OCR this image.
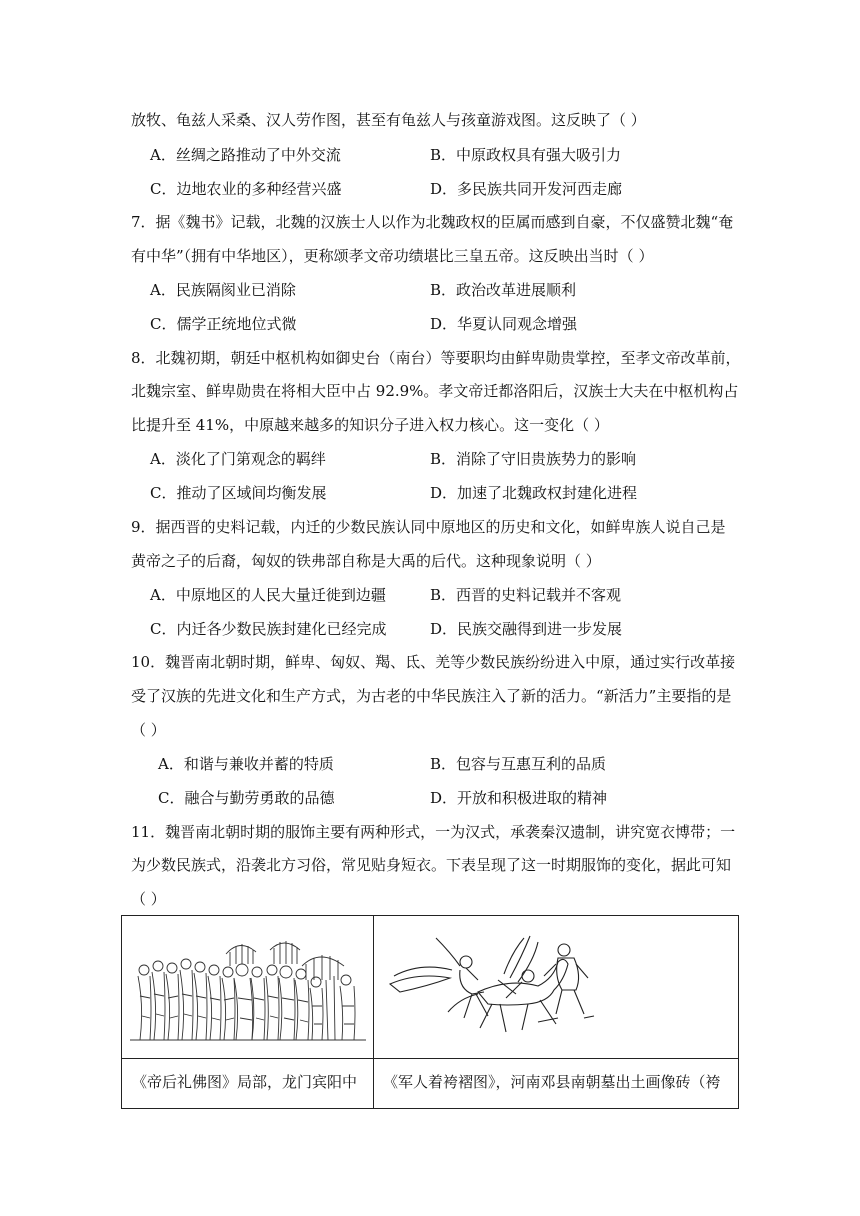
放牧、龟兹人采桑、汉人劳作图，甚至有龟兹人与孩童游戏图。这反映了（ ）
A．丝绸之路推动了中外交流	B．中原政权具有强大吸引力
C．边地农业的多种经营兴盛	D．多民族共同开发河西走廊
7．据《魏书》记载，北魏的汉族士人以作为北魏政权的臣属而感到自豪，不仅盛赞北魏“奄
有中华”（拥有中华地区），更称颂孝文帝功绩堪比三皇五帝。这反映出当时（ ）
A．民族隔阂业已消除	B．政治改革进展顺利
C．儒学正统地位式微	D．华夏认同观念增强
8．北魏初期，朝廷中枢机构如御史台（南台）等要职均由鲜卑勋贵掌控，至孝文帝改革前，
北魏宗室、鲜卑勋贵在将相大臣中占 92.9%。孝文帝迁都洛阳后，汉族士大夫在中枢机构占
比提升至 41%，中原越来越多的知识分子进入权力核心。这一变化（ ）
A．淡化了门第观念的羁绊	B．消除了守旧贵族势力的影响
C．推动了区域间均衡发展	D．加速了北魏政权封建化进程
9．据西晋的史料记载，内迁的少数民族认同中原地区的历史和文化，如鲜卑族人说自己是
黄帝之子的后裔，匈奴的铁弗部自称是大禹的后代。这种现象说明（ ）
A．中原地区的人民大量迁徙到边疆	B．西晋的史料记载并不客观
C．内迁各少数民族封建化已经完成	D．民族交融得到进一步发展
10．魏晋南北朝时期，鲜卑、匈奴、羯、氐、羌等少数民族纷纷进入中原，通过实行改革接
受了汉族的先进文化和生产方式，为古老的中华民族注入了新的活力。“新活力”主要指的是
（ ）
A．和谐与兼收并蓄的特质	B．包容与互惠互利的品质
C．融合与勤劳勇敢的品德	D．开放和积极进取的精神
11．魏晋南北朝时期的服饰主要有两种形式，一为汉式，承袭秦汉遗制，讲究宽衣博带；一
为少数民族式，沿袭北方习俗，常见贴身短衣。下表呈现了这一时期服饰的变化，据此可知
（ ）
《帝后礼佛图》局部，龙门宾阳中 《军人着袴褶图》，河南邓县南朝墓出土画像砖（袴
